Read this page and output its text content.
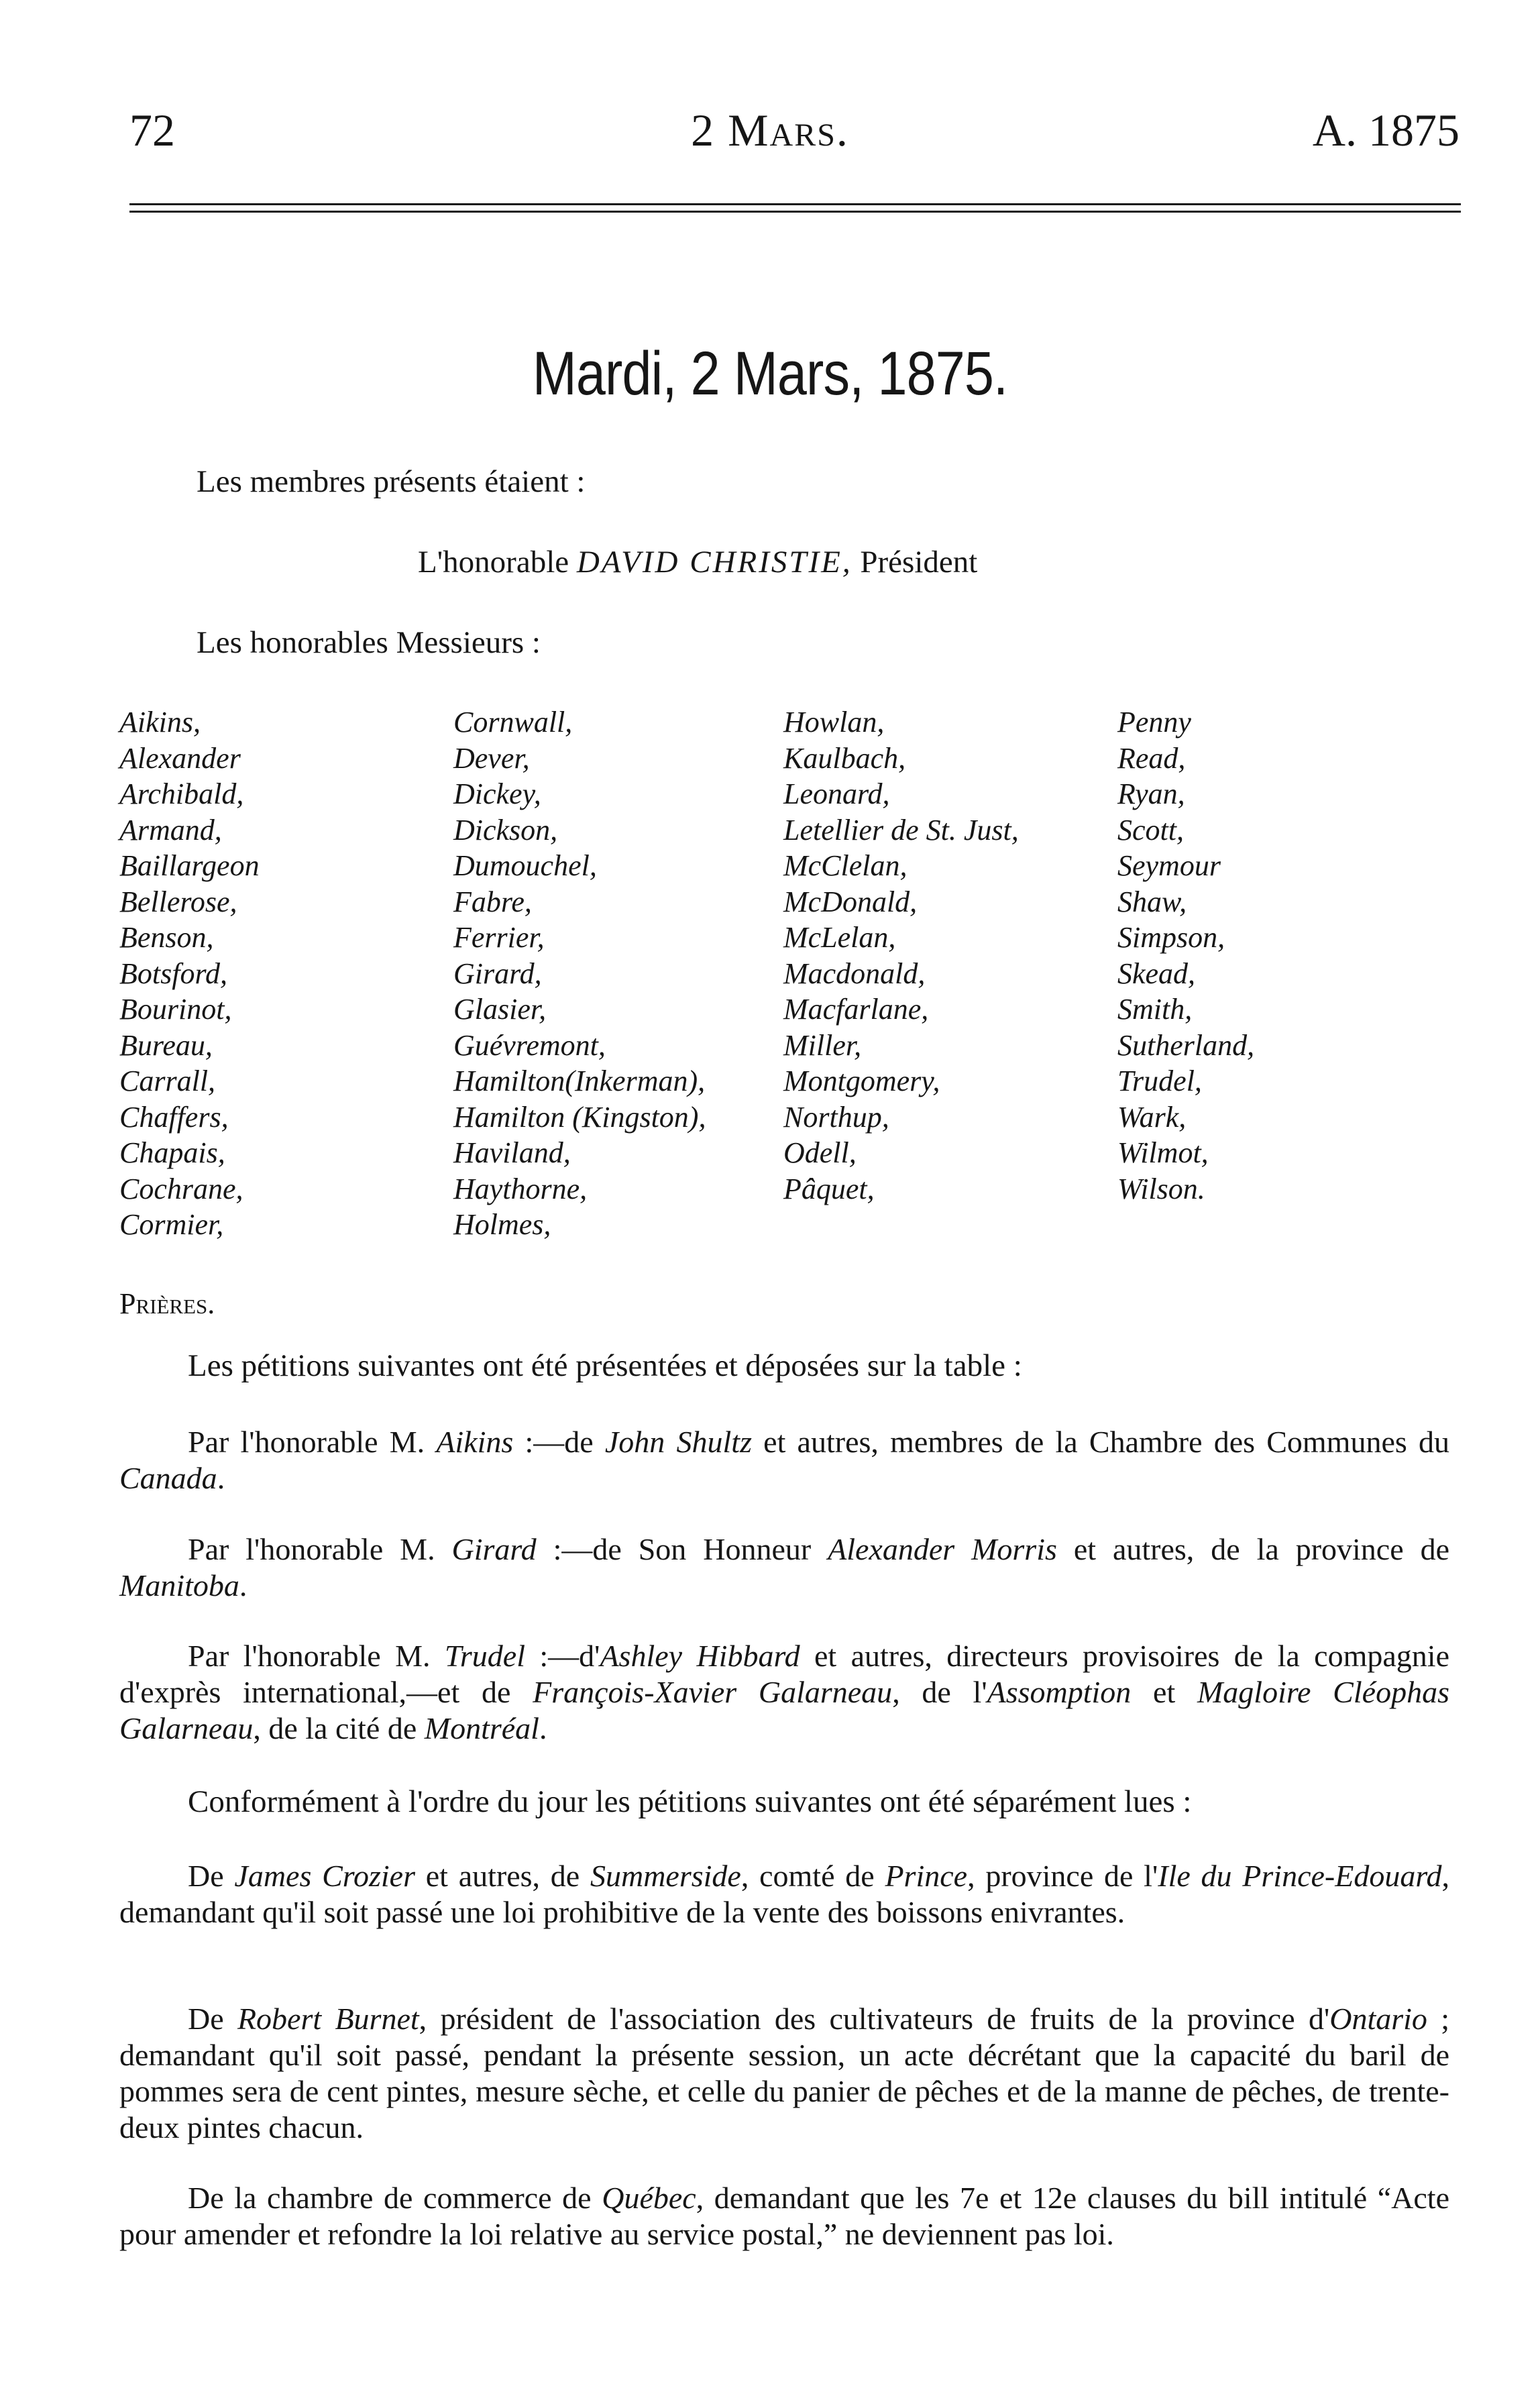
72	2 Mars.	A. 1875
Mardi, 2 Mars, 1875.
Les membres présents étaient :
L'honorable DAVID CHRISTIE, Président
Les honorables Messieurs :
Aikins,
Alexander
Archibald,
Armand,
Baillargeon
Bellerose,
Benson,
Botsford,
Bourinot,
Bureau,
Carrall,
Chaffers,
Chapais,
Cochrane,
Cormier,
Cornwall,
Dever,
Dickey,
Dickson,
Dumouchel,
Fabre,
Ferrier,
Girard,
Glasier,
Guévremont,
Hamilton(Inkerman),
Hamilton (Kingston),
Haviland,
Haythorne,
Holmes,
Howlan,
Kaulbach,
Leonard,
Letellier de St. Just,
McClelan,
McDonald,
McLelan,
Macdonald,
Macfarlane,
Miller,
Montgomery,
Northup,
Odell,
Pâquet,
Penny
Read,
Ryan,
Scott,
Seymour
Shaw,
Simpson,
Skead,
Smith,
Sutherland,
Trudel,
Wark,
Wilmot,
Wilson.
Prières.
Les pétitions suivantes ont été présentées et déposées sur la table :
Par l'honorable M. Aikins :—de John Shultz et autres, membres de la Chambre des Communes du Canada.
Par l'honorable M. Girard :—de Son Honneur Alexander Morris et autres, de la province de Manitoba.
Par l'honorable M. Trudel :—d'Ashley Hibbard et autres, directeurs provisoires de la compagnie d'exprès international,—et de François-Xavier Galarneau, de l'Assomption et Magloire Cléophas Galarneau, de la cité de Montréal.
Conformément à l'ordre du jour les pétitions suivantes ont été séparément lues :
De James Crozier et autres, de Summerside, comté de Prince, province de l'Ile du Prince-Edouard, demandant qu'il soit passé une loi prohibitive de la vente des boissons enivrantes.
De Robert Burnet, président de l'association des cultivateurs de fruits de la province d'Ontario ; demandant qu'il soit passé, pendant la présente session, un acte décrétant que la capacité du baril de pommes sera de cent pintes, mesure sèche, et celle du panier de pêches et de la manne de pêches, de trente-deux pintes chacun.
De la chambre de commerce de Québec, demandant que les 7e et 12e clauses du bill intitulé “Acte pour amender et refondre la loi relative au service postal,” ne deviennent pas loi.
